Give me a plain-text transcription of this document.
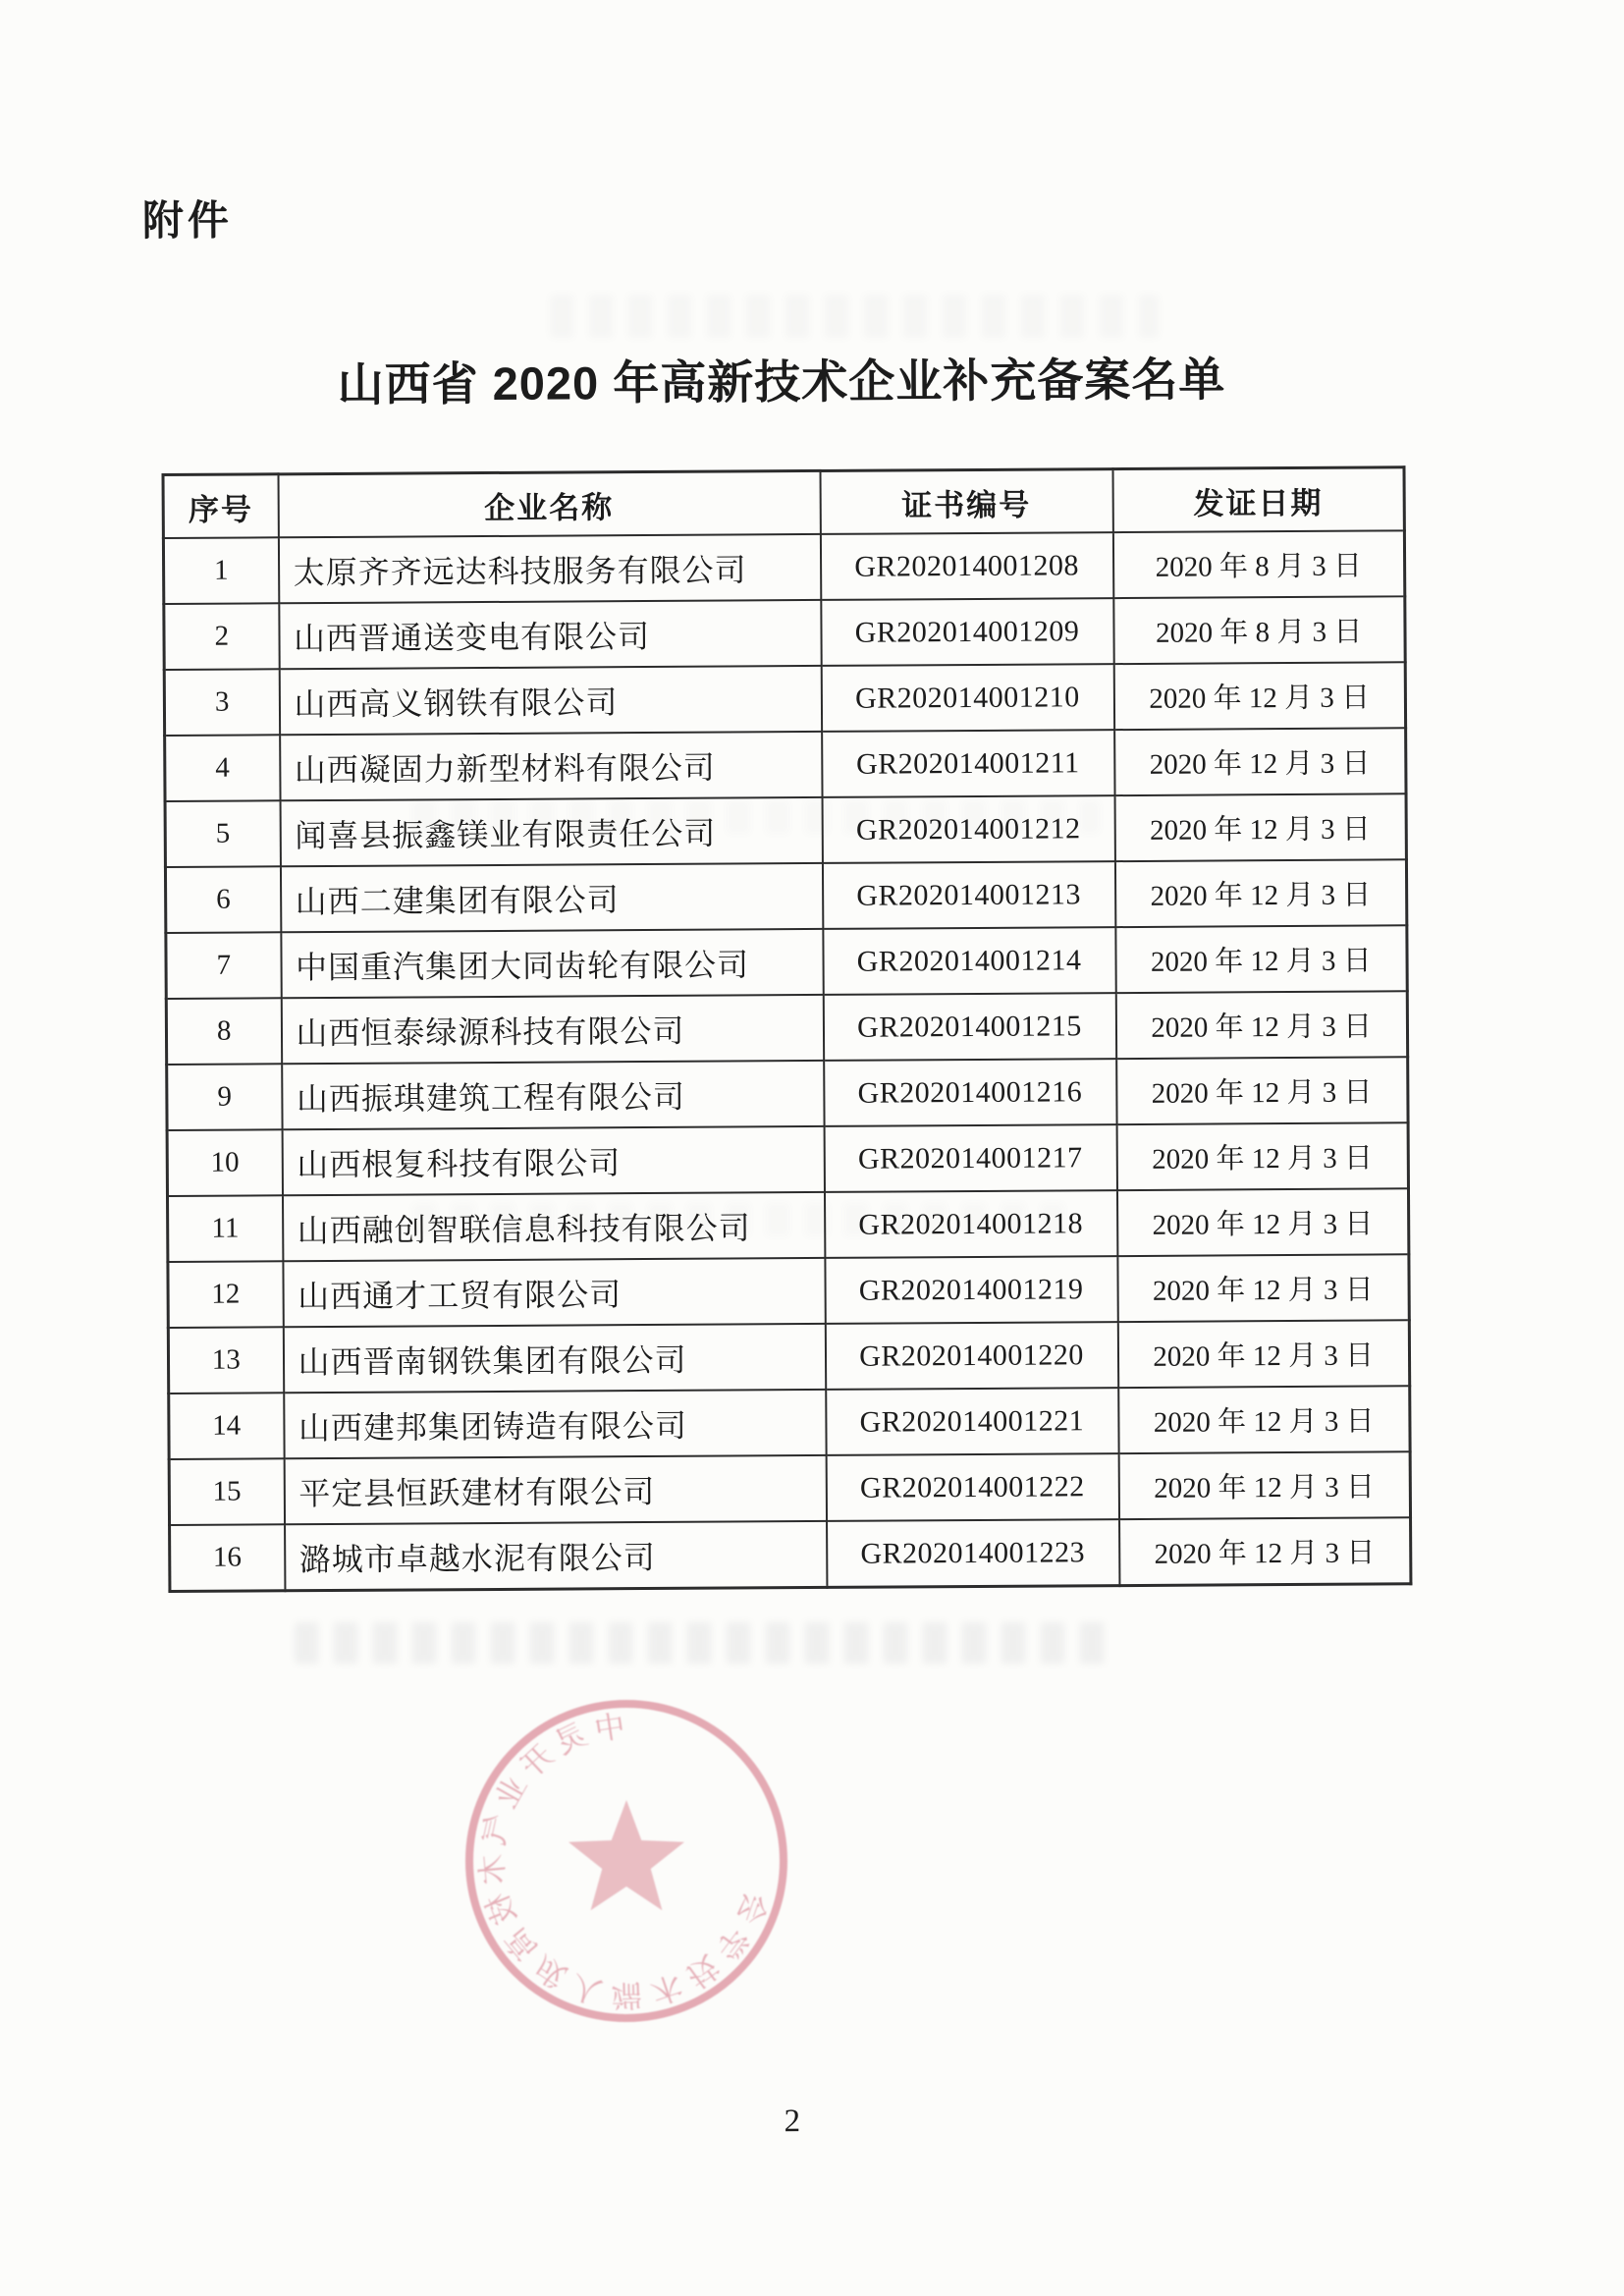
附件
山西省 2020 年高新技术企业补充备案名单
序号	企业名称	证书编号	发证日期
1	太原齐齐远达科技服务有限公司	GR202014001208	2020 年 8 月 3 日
2	山西晋通送变电有限公司	GR202014001209	2020 年 8 月 3 日
3	山西高义钢铁有限公司	GR202014001210	2020 年 12 月 3 日
4	山西凝固力新型材料有限公司	GR202014001211	2020 年 12 月 3 日
5	闻喜县振鑫镁业有限责任公司	GR202014001212	2020 年 12 月 3 日
6	山西二建集团有限公司	GR202014001213	2020 年 12 月 3 日
7	中国重汽集团大同齿轮有限公司	GR202014001214	2020 年 12 月 3 日
8	山西恒泰绿源科技有限公司	GR202014001215	2020 年 12 月 3 日
9	山西振琪建筑工程有限公司	GR202014001216	2020 年 12 月 3 日
10	山西根复科技有限公司	GR202014001217	2020 年 12 月 3 日
11	山西融创智联信息科技有限公司	GR202014001218	2020 年 12 月 3 日
12	山西通才工贸有限公司	GR202014001219	2020 年 12 月 3 日
13	山西晋南钢铁集团有限公司	GR202014001220	2020 年 12 月 3 日
14	山西建邦集团铸造有限公司	GR202014001221	2020 年 12 月 3 日
15	平定县恒跃建材有限公司	GR202014001222	2020 年 12 月 3 日
16	潞城市卓越水泥有限公司	GR202014001223	2020 年 12 月 3 日
2
中灵开业气木枝高成人端木技学会
